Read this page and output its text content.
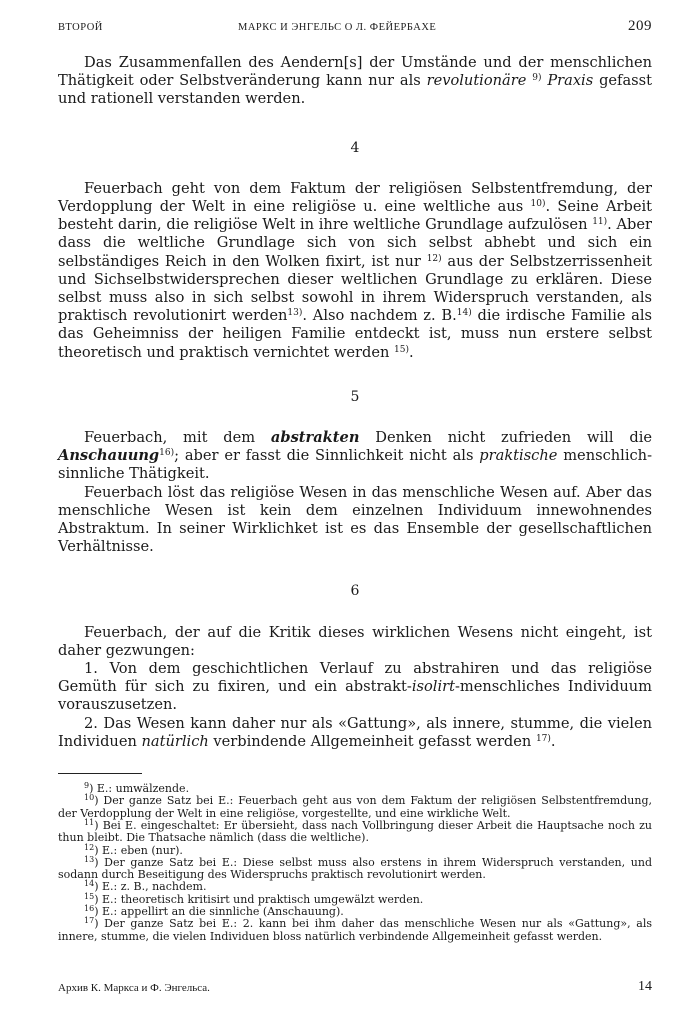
ВТОРОЙ	МАРКС И ЭНГЕЛЬС О Л. ФЕЙЕРБАХЕ	209

Das Zusammenfallen des Aendern[s] der Umstände und der menschlichen Thätigkeit oder Selbstveränderung kann nur als revolutionäre $^{9)}$ Praxis gefasst und rationell verstanden werden.

4

Feuerbach geht von dem Faktum der religiösen Selbstentfremdung, der Verdopplung der Welt in eine religiöse u. eine weltliche aus $^{10)}$. Seine Arbeit besteht darin, die religiöse Welt in ihre weltliche Grundlage aufzulösen $^{11)}$. Aber dass die weltliche Grundlage sich von sich selbst abhebt und sich ein selbständiges Reich in den Wolken fixirt, ist nur $^{12)}$ aus der Selbstzerrissenheit und Sichselbstwidersprechen dieser weltlichen Grundlage zu erklären. Diese selbst muss also in sich selbst sowohl in ihrem Widerspruch verstanden, als praktisch revolutionirt werden$^{13)}$. Also nachdem z. B.$^{14)}$ die irdische Familie als das Geheimniss der heiligen Familie entdeckt ist, muss nun erstere selbst theoretisch und praktisch vernichtet werden $^{15)}$.

5

Feuerbach, mit dem abstrakten Denken nicht zufrieden will die Anschauung$^{16)}$; aber er fasst die Sinnlichkeit nicht als praktische menschlich-sinnliche Thätigkeit.

Feuerbach löst das religiöse Wesen in das menschliche Wesen auf. Aber das menschliche Wesen ist kein dem einzelnen Individuum innewohnendes Abstraktum. In seiner Wirklichket ist es das Ensemble der gesellschaftlichen Verhältnisse.

6

Feuerbach, der auf die Kritik dieses wirklichen Wesens nicht eingeht, ist daher gezwungen:

1. Von dem geschichtlichen Verlauf zu abstrahiren und das religiöse Gemüth für sich zu fixiren, und ein abstrakt-isolirt-menschliches Individuum vorauszusetzen.

2. Das Wesen kann daher nur als «Gattung», als innere, stumme, die vielen Individuen natürlich verbindende Allgemeinheit gefasst werden $^{17)}$.

$^9$) E.: umwälzende.

$^{10}$) Der ganze Satz bei E.: Feuerbach geht aus von dem Faktum der religiösen Selbstentfremdung, der Verdopplung der Welt in eine religiöse, vorgestellte, und eine wirkliche Welt.

$^{11}$) Bei E. eingeschaltet: Er übersieht, dass nach Vollbringung dieser Arbeit die Hauptsache noch zu thun bleibt. Die Thatsache nämlich (dass die weltliche).

$^{12}$) E.: eben (nur).

$^{13}$) Der ganze Satz bei E.: Diese selbst muss also erstens in ihrem Widerspruch verstanden, und sodann durch Beseitigung des Widerspruchs praktisch revolutionirt werden.

$^{14}$) E.: z. B., nachdem.

$^{15}$) E.: theoretisch kritisirt und praktisch umgewälzt werden.

$^{16}$) E.: appellirt an die sinnliche (Anschauung).

$^{17}$) Der ganze Satz bei E.: 2. kann bei ihm daher das menschliche Wesen nur als «Gattung», als innere, stumme, die vielen Individuen bloss natürlich verbindende Allgemeinheit gefasst werden.

Архив К. Маркса и Ф. Энгельса.	14
